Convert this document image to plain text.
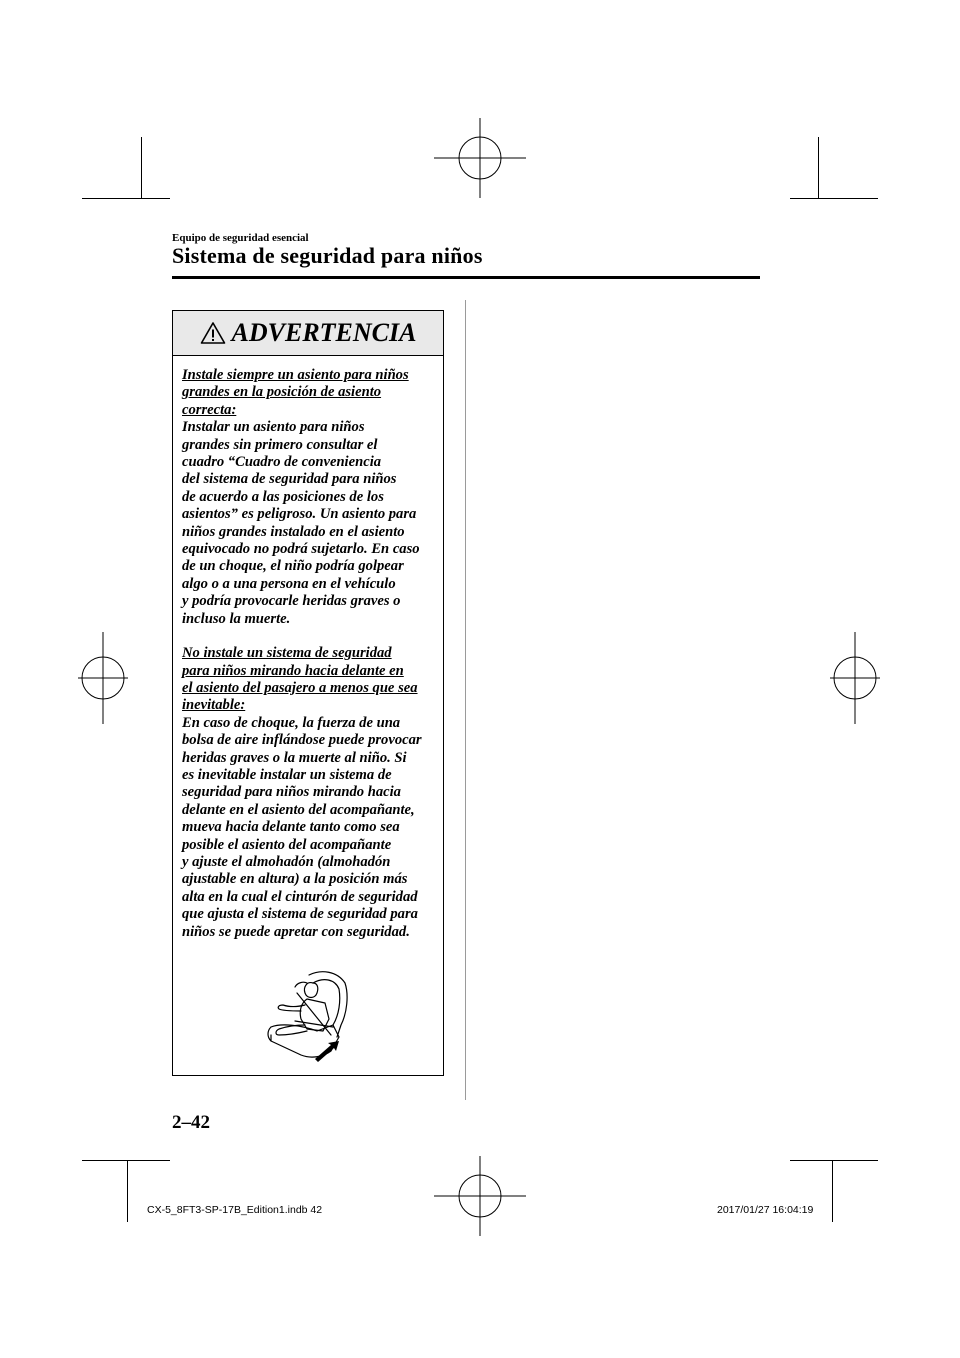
Equipo de seguridad esencial
Sistema de seguridad para niños
ADVERTENCIA
Instale siempre un asiento para niños
grandes en la posición de asiento
correcta:
Instalar un asiento para niños
grandes sin primero consultar el
cuadro “Cuadro de conveniencia
del sistema de seguridad para niños
de acuerdo a las posiciones de los
asientos” es peligroso. Un asiento para
niños grandes instalado en el asiento
equivocado no podrá sujetarlo. En caso
de un choque, el niño podría golpear
algo o a una persona en el vehículo
y podría provocarle heridas graves o
incluso la muerte.
No instale un sistema de seguridad
para niños mirando hacia delante en
el asiento del pasajero a menos que sea
inevitable:
En caso de choque, la fuerza de una
bolsa de aire inflándose puede provocar
heridas graves o la muerte al niño. Si
es inevitable instalar un sistema de
seguridad para niños mirando hacia
delante en el asiento del acompañante,
mueva hacia delante tanto como sea
posible el asiento del acompañante
y ajuste el almohadón (almohadón
ajustable en altura) a la posición más
alta en la cual el cinturón de seguridad
que ajusta el sistema de seguridad para
niños se puede apretar con seguridad.
2–42
CX-5_8FT3-SP-17B_Edition1.indb 42	2017/01/27 16:04:19
